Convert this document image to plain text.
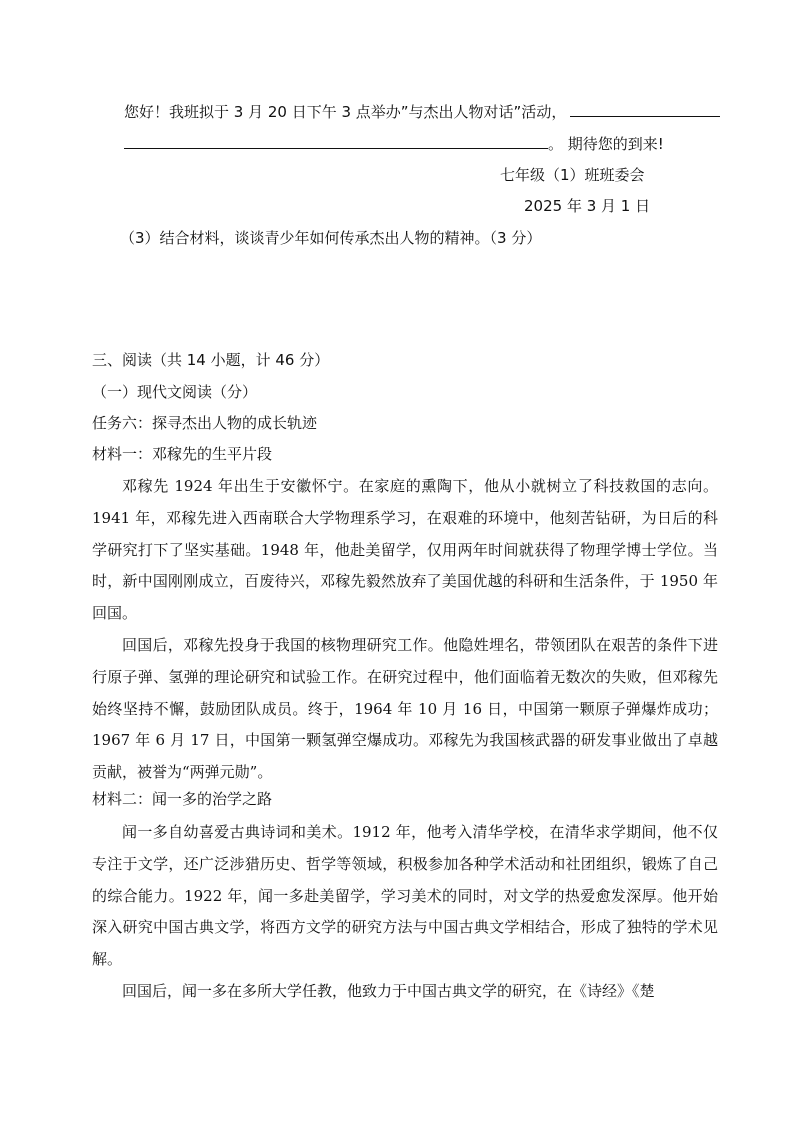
您好！我班拟于 3 月 20 日下午 3 点举办”与杰出人物对话”活动，
。 期待您的到来!
七年级（1）班班委会
2025 年 3 月 1 日
（3）结合材料，谈谈青少年如何传承杰出人物的精神。（3 分）
三、阅读（共 14 小题，计 46 分）
（一）现代文阅读（分）
任务六：探寻杰出人物的成长轨迹
材料一：邓稼先的生平片段

邓稼先 1924 年出生于安徽怀宁。在家庭的熏陶下，他从小就树立了科技救国的志向。1941 年，邓稼先进入西南联合大学物理系学习，在艰难的环境中，他刻苦钻研，为日后的科学研究打下了坚实基础。1948 年，他赴美留学，仅用两年时间就获得了物理学博士学位。当时，新中国刚刚成立，百废待兴，邓稼先毅然放弃了美国优越的科研和生活条件，于 1950 年回国。

回国后，邓稼先投身于我国的核物理研究工作。他隐姓埋名，带领团队在艰苦的条件下进行原子弹、氢弹的理论研究和试验工作。在研究过程中，他们面临着无数次的失败，但邓稼先始终坚持不懈，鼓励团队成员。终于，1964 年 10 月 16 日，中国第一颗原子弹爆炸成功；1967 年 6 月 17 日，中国第一颗氢弹空爆成功。邓稼先为我国核武器的研发事业做出了卓越贡献，被誉为“两弹元勋”。

材料二：闻一多的治学之路

闻一多自幼喜爱古典诗词和美术。1912 年，他考入清华学校，在清华求学期间，他不仅专注于文学，还广泛涉猎历史、哲学等领域，积极参加各种学术活动和社团组织，锻炼了自己的综合能力。1922 年，闻一多赴美留学，学习美术的同时，对文学的热爱愈发深厚。他开始深入研究中国古典文学，将西方文学的研究方法与中国古典文学相结合，形成了独特的学术见解。

回国后，闻一多在多所大学任教，他致力于中国古典文学的研究，在《诗经》《楚
